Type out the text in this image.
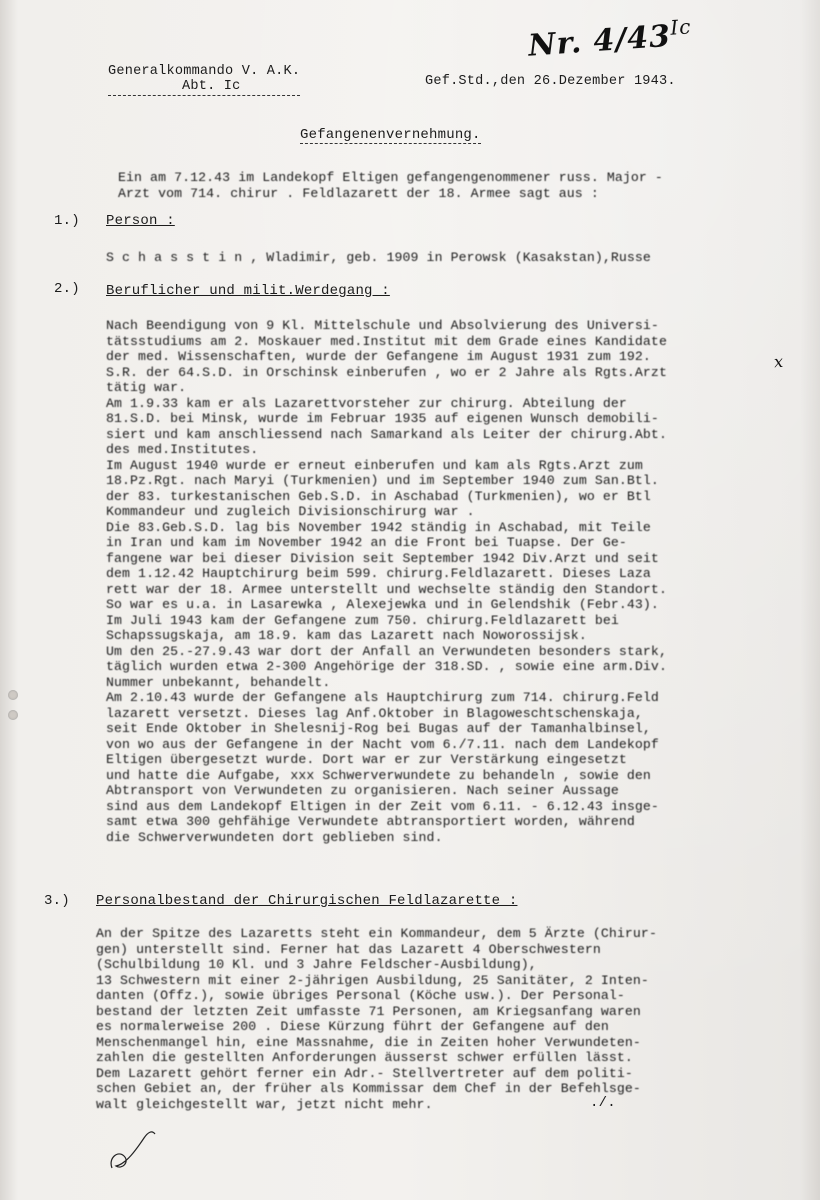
Nr. $4/43^{Ic}$
Generalkommando V. A.K.
Abt. Ic	Gef.Std.,den 26.Dezember 1943.
Gefangenenvernehmung.
Ein am 7.12.43 im Landekopf Eltigen gefangengenommener russ. Major -
Arzt vom 714. chirur . Feldlazarett der 18. Armee sagt aus :
1.) Person :
S c h a s s t i n , Wladimir, geb. 1909 in Perowsk (Kasakstan),Russe
2.) Beruflicher und milit.Werdegang :
Nach Beendigung von 9 Kl. Mittelschule und Absolvierung des Universi-
tätsstudiums am 2. Moskauer med.Institut mit dem Grade eines Kandidate
der med. Wissenschaften, wurde der Gefangene im August 1931 zum 192.
S.R. der 64.S.D. in Orschinsk einberufen , wo er 2 Jahre als Rgts.Arzt
tätig war.
Am 1.9.33 kam er als Lazarettvorsteher zur chirurg. Abteilung der
81.S.D. bei Minsk, wurde im Februar 1935 auf eigenen Wunsch demobili-
siert und kam anschliessend nach Samarkand als Leiter der chirurg.Abt.
des med.Institutes.
Im August 1940 wurde er erneut einberufen und kam als Rgts.Arzt zum
18.Pz.Rgt. nach Maryi (Turkmenien) und im September 1940 zum San.Btl.
der 83. turkestanischen Geb.S.D. in Aschabad (Turkmenien), wo er Btl
Kommandeur und zugleich Divisionschirurg war .
Die 83.Geb.S.D. lag bis November 1942 ständig in Aschabad, mit Teile
in Iran und kam im November 1942 an die Front bei Tuapse. Der Ge-
fangene war bei dieser Division seit September 1942 Div.Arzt und seit
dem 1.12.42 Hauptchirurg beim 599. chirurg.Feldlazarett. Dieses Laza
rett war der 18. Armee unterstellt und wechselte ständig den Standort.
So war es u.a. in Lasarewka , Alexejewka und in Gelendshik (Febr.43).
Im Juli 1943 kam der Gefangene zum 750. chirurg.Feldlazarett bei
Schapssugskaja, am 18.9. kam das Lazarett nach Noworossijsk.
Um den 25.-27.9.43 war dort der Anfall an Verwundeten besonders stark,
täglich wurden etwa 2-300 Angehörige der 318.SD. , sowie eine arm.Div.
Nummer unbekannt, behandelt.
Am 2.10.43 wurde der Gefangene als Hauptchirurg zum 714. chirurg.Feld
lazarett versetzt. Dieses lag Anf.Oktober in Blagoweschtschenskaja,
seit Ende Oktober in Shelesnij-Rog bei Bugas auf der Tamanhalbinsel,
von wo aus der Gefangene in der Nacht vom 6./7.11. nach dem Landekopf
Eltigen übergesetzt wurde. Dort war er zur Verstärkung eingesetzt
und hatte die Aufgabe, xxx Schwerverwundete zu behandeln , sowie den
Abtransport von Verwundeten zu organisieren. Nach seiner Aussage
sind aus dem Landekopf Eltigen in der Zeit vom 6.11. - 6.12.43 insge-
samt etwa 300 gehfähige Verwundete abtransportiert worden, während
die Schwerverwundeten dort geblieben sind.
x
3.) Personalbestand der Chirurgischen Feldlazarette :
An der Spitze des Lazaretts steht ein Kommandeur, dem 5 Ärzte (Chirur-
gen) unterstellt sind. Ferner hat das Lazarett 4 Oberschwestern
(Schulbildung 10 Kl. und 3 Jahre Feldscher-Ausbildung),
13 Schwestern mit einer 2-jährigen Ausbildung, 25 Sanitäter, 2 Inten-
danten (Offz.), sowie übriges Personal (Köche usw.). Der Personal-
bestand der letzten Zeit umfasste 71 Personen, am Kriegsanfang waren
es normalerweise 200 . Diese Kürzung führt der Gefangene auf den
Menschenmangel hin, eine Massnahme, die in Zeiten hoher Verwundeten-
zahlen die gestellten Anforderungen äusserst schwer erfüllen lässt.
Dem Lazarett gehört ferner ein Adr.- Stellvertreter auf dem politi-
schen Gebiet an, der früher als Kommissar dem Chef in der Befehlsge-
walt gleichgestellt war, jetzt nicht mehr.	./.
